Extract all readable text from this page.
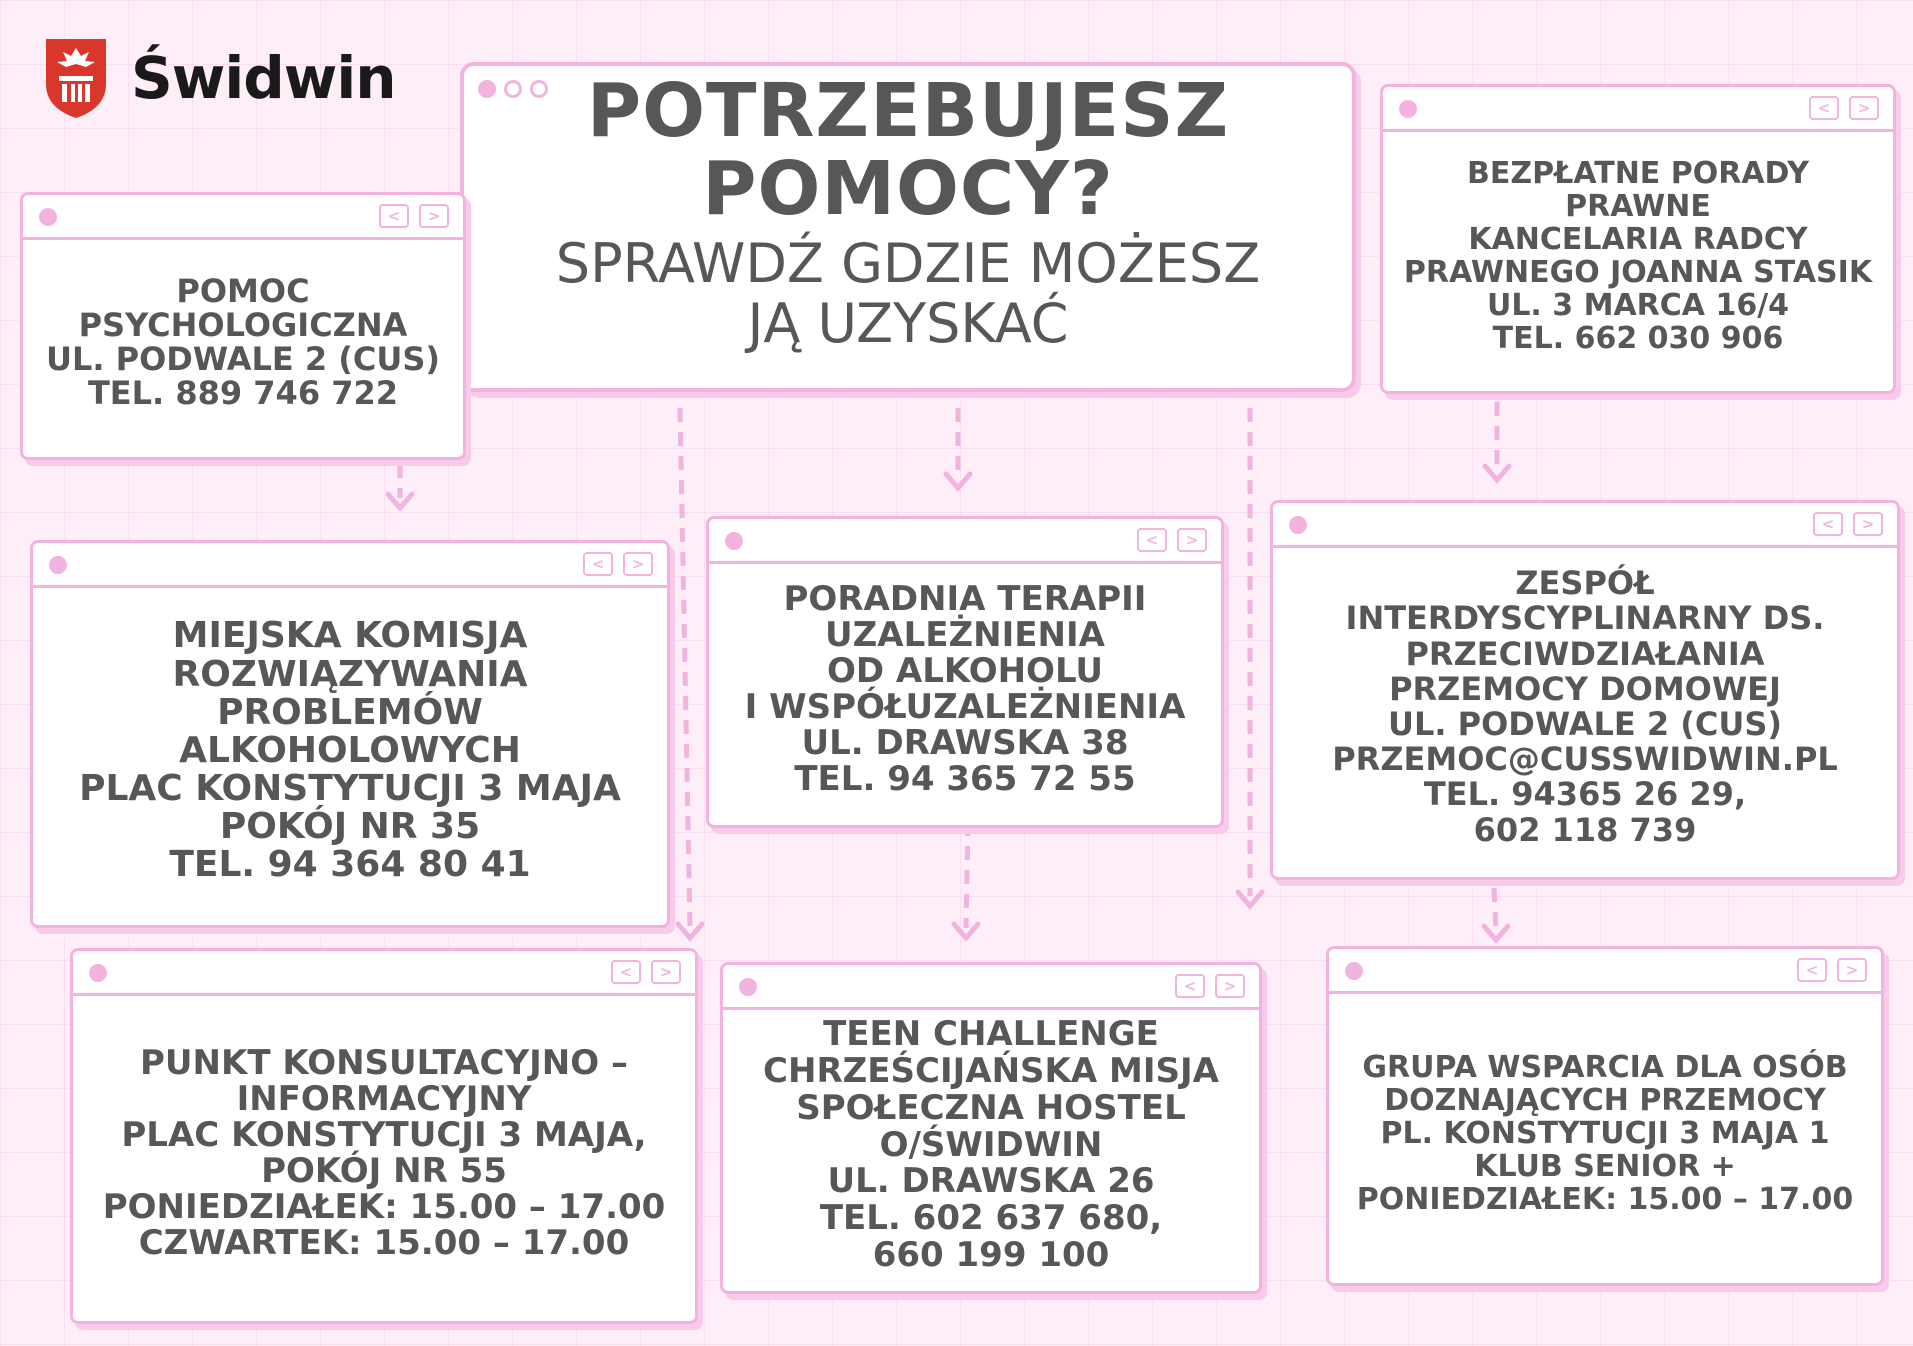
Świdwin	POTRZEBUJESZ
POMOCY?
SPRAWDŹ GDZIE MOŻESZ
JĄ UZYSKAĆ
<	>
POMOC
PSYCHOLOGICZNA
UL. PODWALE 2 (CUS)
TEL. 889 746 722
<	>
BEZPŁATNE PORADY
PRAWNE
KANCELARIA RADCY
PRAWNEGO JOANNA STASIK
UL. 3 MARCA 16/4
TEL. 662 030 906
<	>
MIEJSKA KOMISJA
ROZWIĄZYWANIA PROBLEMÓW
ALKOHOLOWYCH
PLAC KONSTYTUCJI 3 MAJA
POKÓJ NR 35
TEL. 94 364 80 41
<	>
PORADNIA TERAPII
UZALEŻNIENIA
OD ALKOHOLU
I WSPÓŁUZALEŻNIENIA
UL. DRAWSKA 38
TEL. 94 365 72 55
<	>
ZESPÓŁ
INTERDYSCYPLINARNY DS.
PRZECIWDZIAŁANIA
PRZEMOCY DOMOWEJ
UL. PODWALE 2 (CUS)
PRZEMOC@CUSSWIDWIN.PL
TEL. 94365 26 29,
602 118 739
<	>
PUNKT KONSULTACYJNO –
INFORMACYJNY
PLAC KONSTYTUCJI 3 MAJA,
POKÓJ NR 55
PONIEDZIAŁEK: 15.00 – 17.00
CZWARTEK: 15.00 – 17.00
<	>
TEEN CHALLENGE
CHRZEŚCIJAŃSKA MISJA
SPOŁECZNA HOSTEL
O/ŚWIDWIN
UL. DRAWSKA 26
TEL. 602 637 680,
660 199 100
<	>
GRUPA WSPARCIA DLA OSÓB
DOZNAJĄCYCH PRZEMOCY
PL. KONSTYTUCJI 3 MAJA 1
KLUB SENIOR +
PONIEDZIAŁEK: 15.00 – 17.00
